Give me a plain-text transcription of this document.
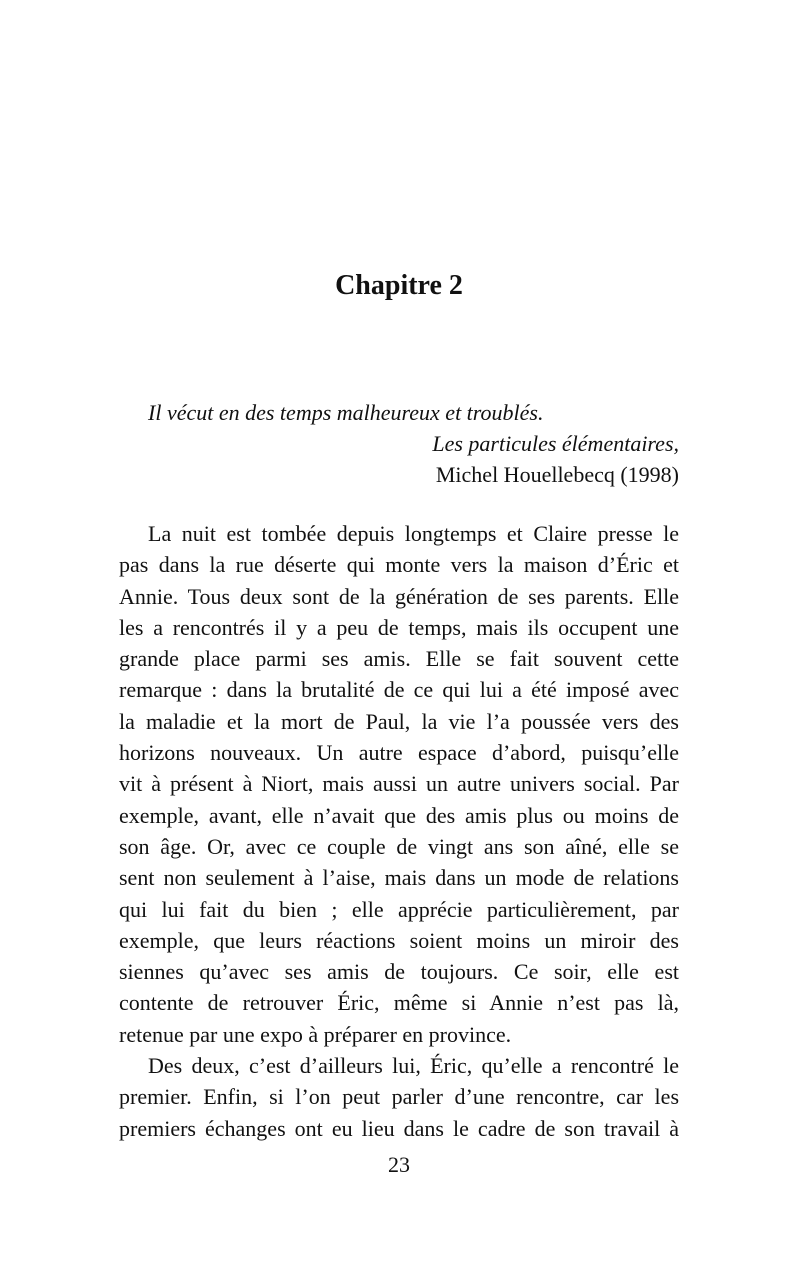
Chapitre 2
Il vécut en des temps malheureux et troublés.
Les particules élémentaires,
Michel Houellebecq (1998)
La nuit est tombée depuis longtemps et Claire presse le
pas dans la rue déserte qui monte vers la maison d’Éric et
Annie. Tous deux sont de la génération de ses parents. Elle
les a rencontrés il y a peu de temps, mais ils occupent une
grande place parmi ses amis. Elle se fait souvent cette
remarque : dans la brutalité de ce qui lui a été imposé avec
la maladie et la mort de Paul, la vie l’a poussée vers des
horizons nouveaux. Un autre espace d’abord, puisqu’elle
vit à présent à Niort, mais aussi un autre univers social. Par
exemple, avant, elle n’avait que des amis plus ou moins de
son âge. Or, avec ce couple de vingt ans son aîné, elle se
sent non seulement à l’aise, mais dans un mode de relations
qui lui fait du bien ; elle apprécie particulièrement, par
exemple, que leurs réactions soient moins un miroir des
siennes qu’avec ses amis de toujours. Ce soir, elle est
contente de retrouver Éric, même si Annie n’est pas là,
retenue par une expo à préparer en province.
Des deux, c’est d’ailleurs lui, Éric, qu’elle a rencontré le
premier. Enfin, si l’on peut parler d’une rencontre, car les
premiers échanges ont eu lieu dans le cadre de son travail à
23
